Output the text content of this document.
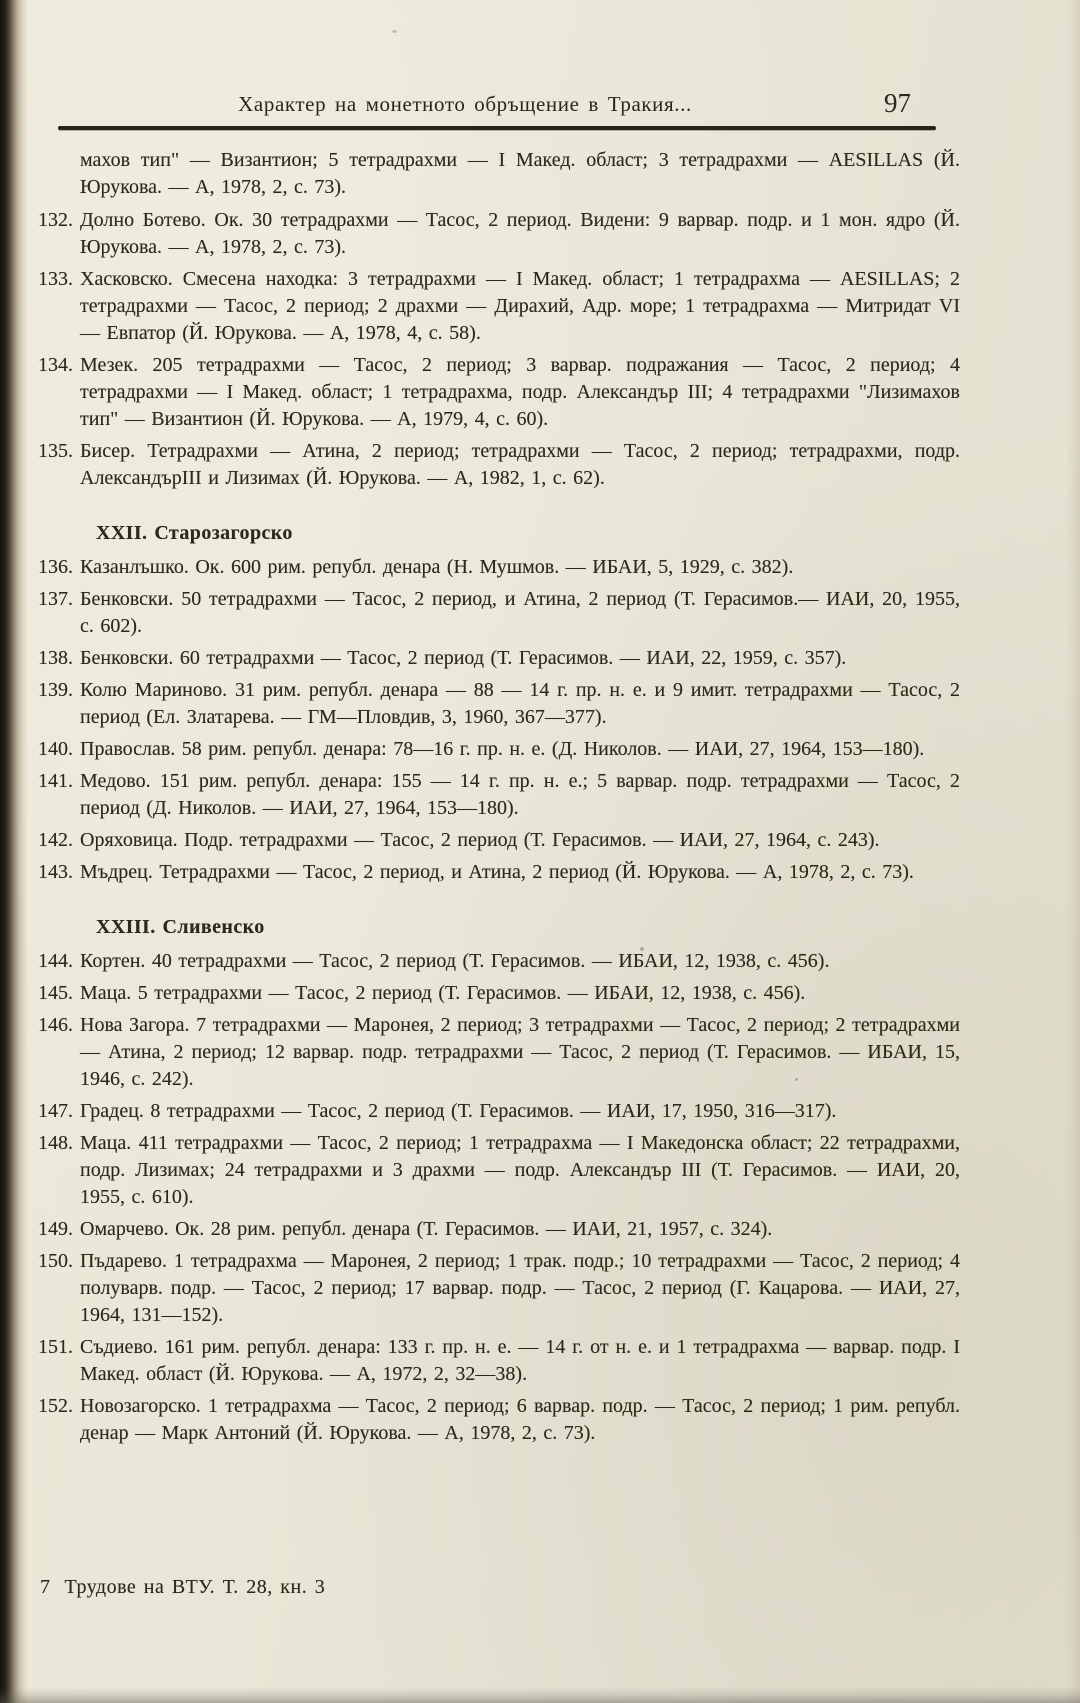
Характер на монетното обръщение в Тракия...	97
махов тип" — Византион; 5 тетрадрахми — I Макед. област; 3 тетрадрахми — AESILLAS (Й. Юрукова. — А, 1978, 2, с. 73).
132. Долно Ботево. Ок. 30 тетрадрахми — Тасос, 2 период. Видени: 9 варвар. подр. и 1 мон. ядро (Й. Юрукова. — А, 1978, 2, с. 73).
133. Хасковско. Смесена находка: 3 тетрадрахми — I Макед. област; 1 тетрадрахма — AESILLAS; 2 тетрадрахми — Тасос, 2 период; 2 драхми — Дирахий, Адр. море; 1 тетрадрахма — Митридат VI — Евпатор (Й. Юрукова. — А, 1978, 4, с. 58).
134. Мезек. 205 тетрадрахми — Тасос, 2 период; 3 варвар. подражания — Тасос, 2 период; 4 тетрадрахми — I Макед. област; 1 тетрадрахма, подр. Александър III; 4 тетрадрахми "Лизимахов тип" — Византион (Й. Юрукова. — А, 1979, 4, с. 60).
135. Бисер. Тетрадрахми — Атина, 2 период; тетрадрахми — Тасос, 2 период; тетрадрахми, подр. АлександърIII и Лизимах (Й. Юрукова. — А, 1982, 1, с. 62).
XXII. Старозагорско
136. Казанлъшко. Ок. 600 рим. републ. денара (Н. Мушмов. — ИБАИ, 5, 1929, с. 382).
137. Бенковски. 50 тетрадрахми — Тасос, 2 период, и Атина, 2 период (Т. Герасимов.— ИАИ, 20, 1955, с. 602).
138. Бенковски. 60 тетрадрахми — Тасос, 2 период (Т. Герасимов. — ИАИ, 22, 1959, с. 357).
139. Колю Мариново. 31 рим. републ. денара — 88 — 14 г. пр. н. е. и 9 имит. тетрадрахми — Тасос, 2 период (Ел. Златарева. — ГМ—Пловдив, 3, 1960, 367—377).
140. Православ. 58 рим. републ. денара: 78—16 г. пр. н. е. (Д. Николов. — ИАИ, 27, 1964, 153—180).
141. Медово. 151 рим. републ. денара: 155 — 14 г. пр. н. е.; 5 варвар. подр. тетрадрахми — Тасос, 2 период (Д. Николов. — ИАИ, 27, 1964, 153—180).
142. Оряховица. Подр. тетрадрахми — Тасос, 2 период (Т. Герасимов. — ИАИ, 27, 1964, с. 243).
143. Мъдрец. Тетрадрахми — Тасос, 2 период, и Атина, 2 период (Й. Юрукова. — А, 1978, 2, с. 73).
XXIII. Сливенско
144. Кортен. 40 тетрадрахми — Тасос, 2 период (Т. Герасимов. — ИБАИ, 12, 1938, с. 456).
145. Маца. 5 тетрадрахми — Тасос, 2 период (Т. Герасимов. — ИБАИ, 12, 1938, с. 456).
146. Нова Загора. 7 тетрадрахми — Маронея, 2 период; 3 тетрадрахми — Тасос, 2 период; 2 тетрадрахми — Атина, 2 период; 12 варвар. подр. тетрадрахми — Тасос, 2 период (Т. Герасимов. — ИБАИ, 15, 1946, с. 242).
147. Градец. 8 тетрадрахми — Тасос, 2 период (Т. Герасимов. — ИАИ, 17, 1950, 316—317).
148. Маца. 411 тетрадрахми — Тасос, 2 период; 1 тетрадрахма — I Македонска област; 22 тетрадрахми, подр. Лизимах; 24 тетрадрахми и 3 драхми — подр. Александър III (Т. Герасимов. — ИАИ, 20, 1955, с. 610).
149. Омарчево. Ок. 28 рим. републ. денара (Т. Герасимов. — ИАИ, 21, 1957, с. 324).
150. Пъдарево. 1 тетрадрахма — Маронея, 2 период; 1 трак. подр.; 10 тетрадрахми — Тасос, 2 период; 4 полуварв. подр. — Тасос, 2 период; 17 варвар. подр. — Тасос, 2 период (Г. Кацарова. — ИАИ, 27, 1964, 131—152).
151. Съдиево. 161 рим. републ. денара: 133 г. пр. н. е. — 14 г. от н. е. и 1 тетрадрахма — варвар. подр. I Макед. област (Й. Юрукова. — А, 1972, 2, 32—38).
152. Новозагорско. 1 тетрадрахма — Тасос, 2 период; 6 варвар. подр. — Тасос, 2 период; 1 рим. републ. денар — Марк Антоний (Й. Юрукова. — А, 1978, 2, с. 73).
7 Трудове на ВТУ. Т. 28, кн. 3
